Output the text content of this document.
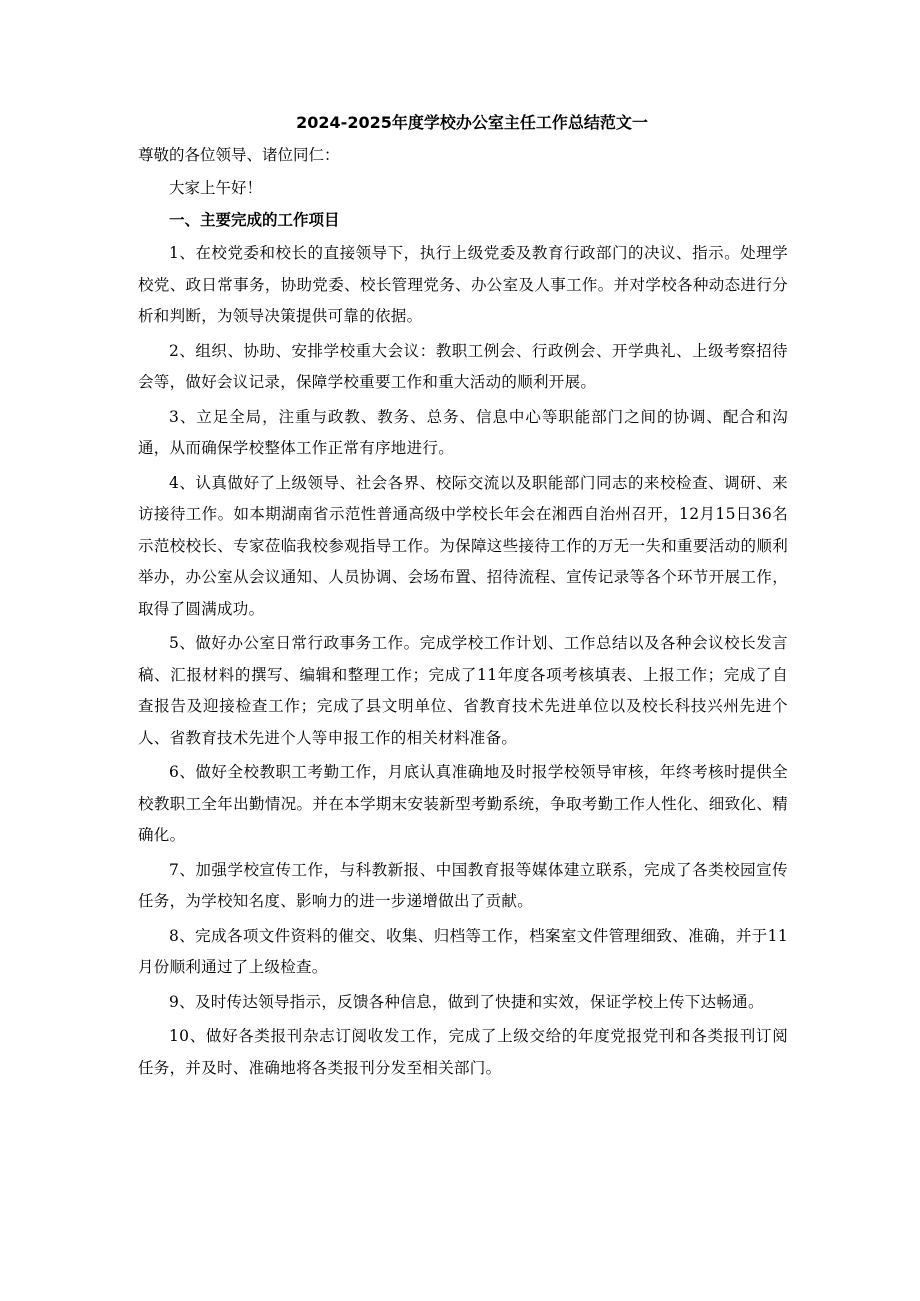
2024-2025年度学校办公室主任工作总结范文一

尊敬的各位领导、诸位同仁：

大家上午好！

一、主要完成的工作项目

1、在校党委和校长的直接领导下，执行上级党委及教育行政部门的决议、指示。处理学校党、政日常事务，协助党委、校长管理党务、办公室及人事工作。并对学校各种动态进行分析和判断，为领导决策提供可靠的依据。

2、组织、协助、安排学校重大会议：教职工例会、行政例会、开学典礼、上级考察招待会等，做好会议记录，保障学校重要工作和重大活动的顺利开展。

3、立足全局，注重与政教、教务、总务、信息中心等职能部门之间的协调、配合和沟通，从而确保学校整体工作正常有序地进行。

4、认真做好了上级领导、社会各界、校际交流以及职能部门同志的来校检查、调研、来访接待工作。如本期湖南省示范性普通高级中学校长年会在湘西自治州召开，12月15日36名示范校校长、专家莅临我校参观指导工作。为保障这些接待工作的万无一失和重要活动的顺利举办，办公室从会议通知、人员协调、会场布置、招待流程、宣传记录等各个环节开展工作，取得了圆满成功。

5、做好办公室日常行政事务工作。完成学校工作计划、工作总结以及各种会议校长发言稿、汇报材料的撰写、编辑和整理工作；完成了11年度各项考核填表、上报工作；完成了自查报告及迎接检查工作；完成了县文明单位、省教育技术先进单位以及校长科技兴州先进个人、省教育技术先进个人等申报工作的相关材料准备。

6、做好全校教职工考勤工作，月底认真准确地及时报学校领导审核，年终考核时提供全校教职工全年出勤情况。并在本学期末安装新型考勤系统，争取考勤工作人性化、细致化、精确化。

7、加强学校宣传工作，与科教新报、中国教育报等媒体建立联系，完成了各类校园宣传任务，为学校知名度、影响力的进一步递增做出了贡献。

8、完成各项文件资料的催交、收集、归档等工作，档案室文件管理细致、准确，并于11月份顺利通过了上级检查。

9、及时传达领导指示，反馈各种信息，做到了快捷和实效，保证学校上传下达畅通。

10、做好各类报刊杂志订阅收发工作，完成了上级交给的年度党报党刊和各类报刊订阅任务，并及时、准确地将各类报刊分发至相关部门。
